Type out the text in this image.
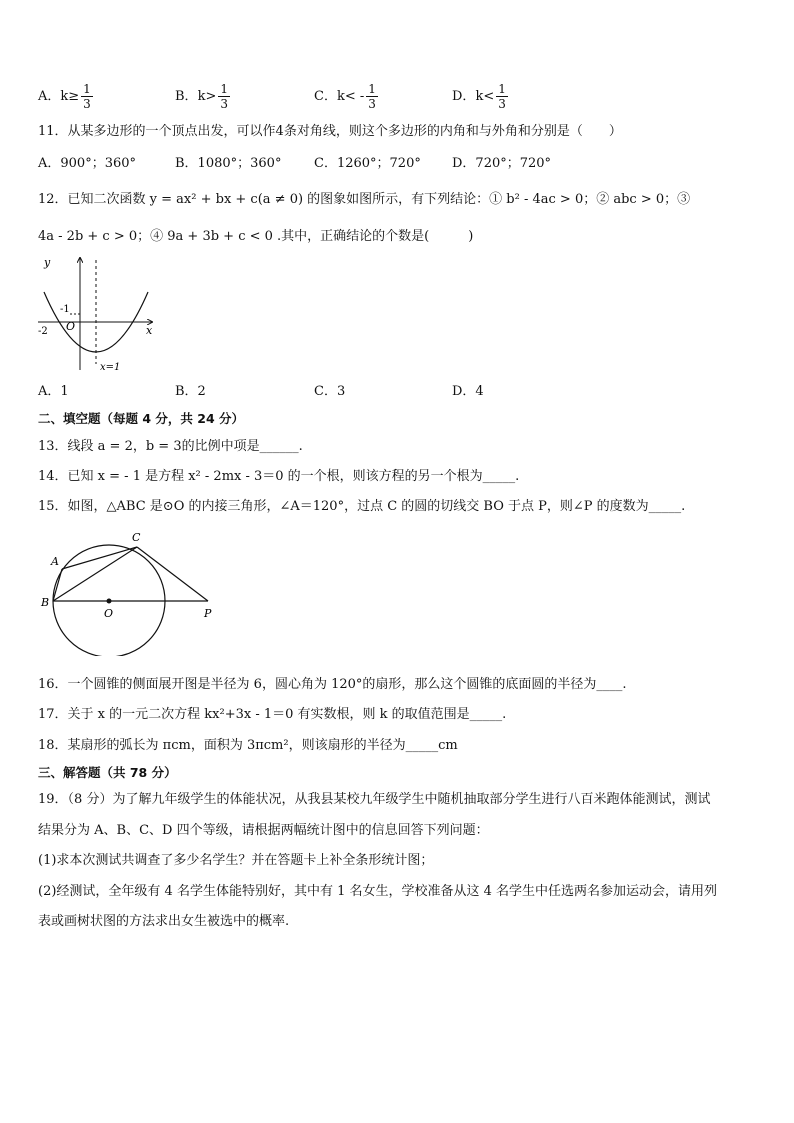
A．$k\ge \frac{1}{3}$	B．$k> \frac{1}{3}$	C．$k< - \frac{1}{3}$	D．$k< \frac{1}{3}$
11．从某多边形的一个顶点出发，可以作4条对角线，则这个多边形的内角和与外角和分别是（　　）
A．900°；360°	B．1080°；360°	C．1260°；720° D．720°；720°
12．已知二次函数 y = ax² + bx + c(a ≠ 0) 的图象如图所示，有下列结论：① b² - 4ac > 0；② abc > 0；③
4a - 2b + c > 0；④ 9a + 3b + c < 0 .其中，正确结论的个数是(　　　)
y
x
O
-1
-2
x=1
A．1	B．2	C．3	D．4
二、填空题（每题 4 分，共 24 分）
13．线段 a = 2，b = 3的比例中项是______.
14．已知 x = - 1 是方程 x² - 2mx - 3＝0 的一个根，则该方程的另一个根为_____.
15．如图，△ABC 是⊙O 的内接三角形，∠A＝120°，过点 C 的圆的切线交 BO 于点 P，则∠P 的度数为_____.
A
B
C
O	P
16．一个圆锥的侧面展开图是半径为 6，圆心角为 120°的扇形，那么这个圆锥的底面圆的半径为____.
17．关于 x 的一元二次方程 kx²+3x - 1＝0 有实数根，则 k 的取值范围是_____.
18．某扇形的弧长为 πcm，面积为 3πcm²，则该扇形的半径为_____cm
三、解答题（共 78 分）
19．（8 分）为了解九年级学生的体能状况，从我县某校九年级学生中随机抽取部分学生进行八百米跑体能测试，测试
结果分为 A、B、C、D 四个等级，请根据两幅统计图中的信息回答下列问题：
(1)求本次测试共调查了多少名学生？并在答题卡上补全条形统计图；
(2)经测试，全年级有 4 名学生体能特别好，其中有 1 名女生，学校准备从这 4 名学生中任选两名参加运动会，请用列
表或画树状图的方法求出女生被选中的概率.
